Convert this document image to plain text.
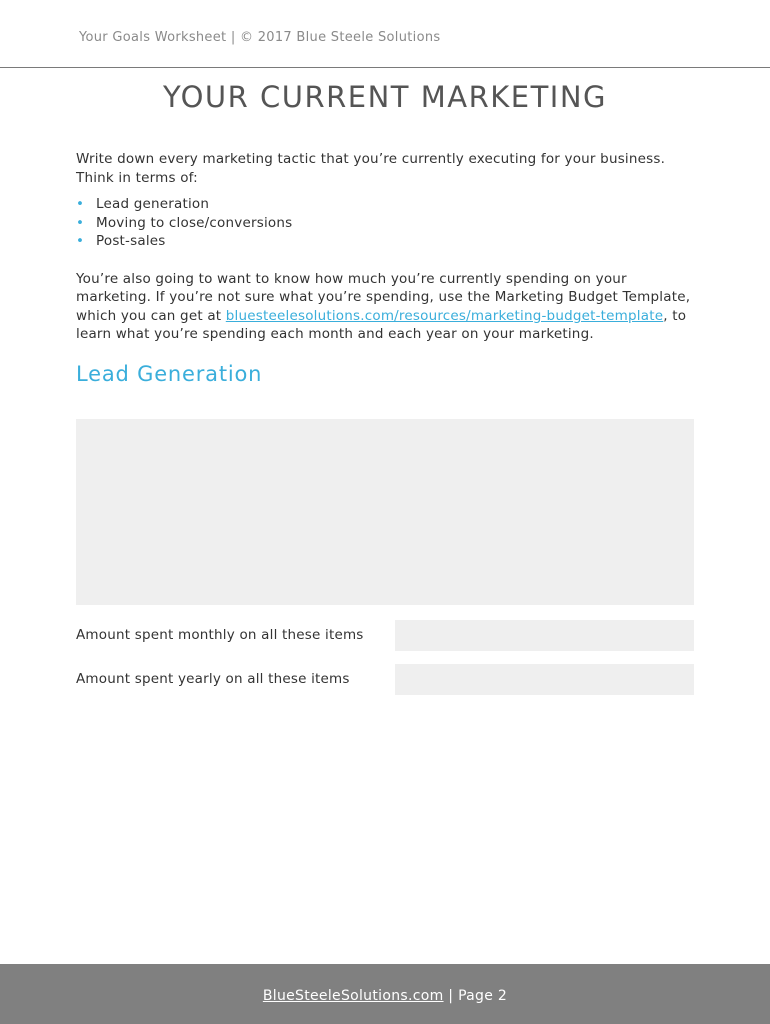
Your Goals Worksheet | © 2017 Blue Steele Solutions
YOUR CURRENT MARKETING

Write down every marketing tactic that you’re currently executing for your business. Think in terms of:

• Lead generation
• Moving to close/conversions
• Post-sales

You’re also going to want to know how much you’re currently spending on your marketing. If you’re not sure what you’re spending, use the Marketing Budget Template, which you can get at bluesteelesolutions.com/resources/marketing-budget-template, to learn what you’re spending each month and each year on your marketing.

Lead Generation
Amount spent monthly on all these items
Amount spent yearly on all these items
BlueSteeleSolutions.com | Page 2
